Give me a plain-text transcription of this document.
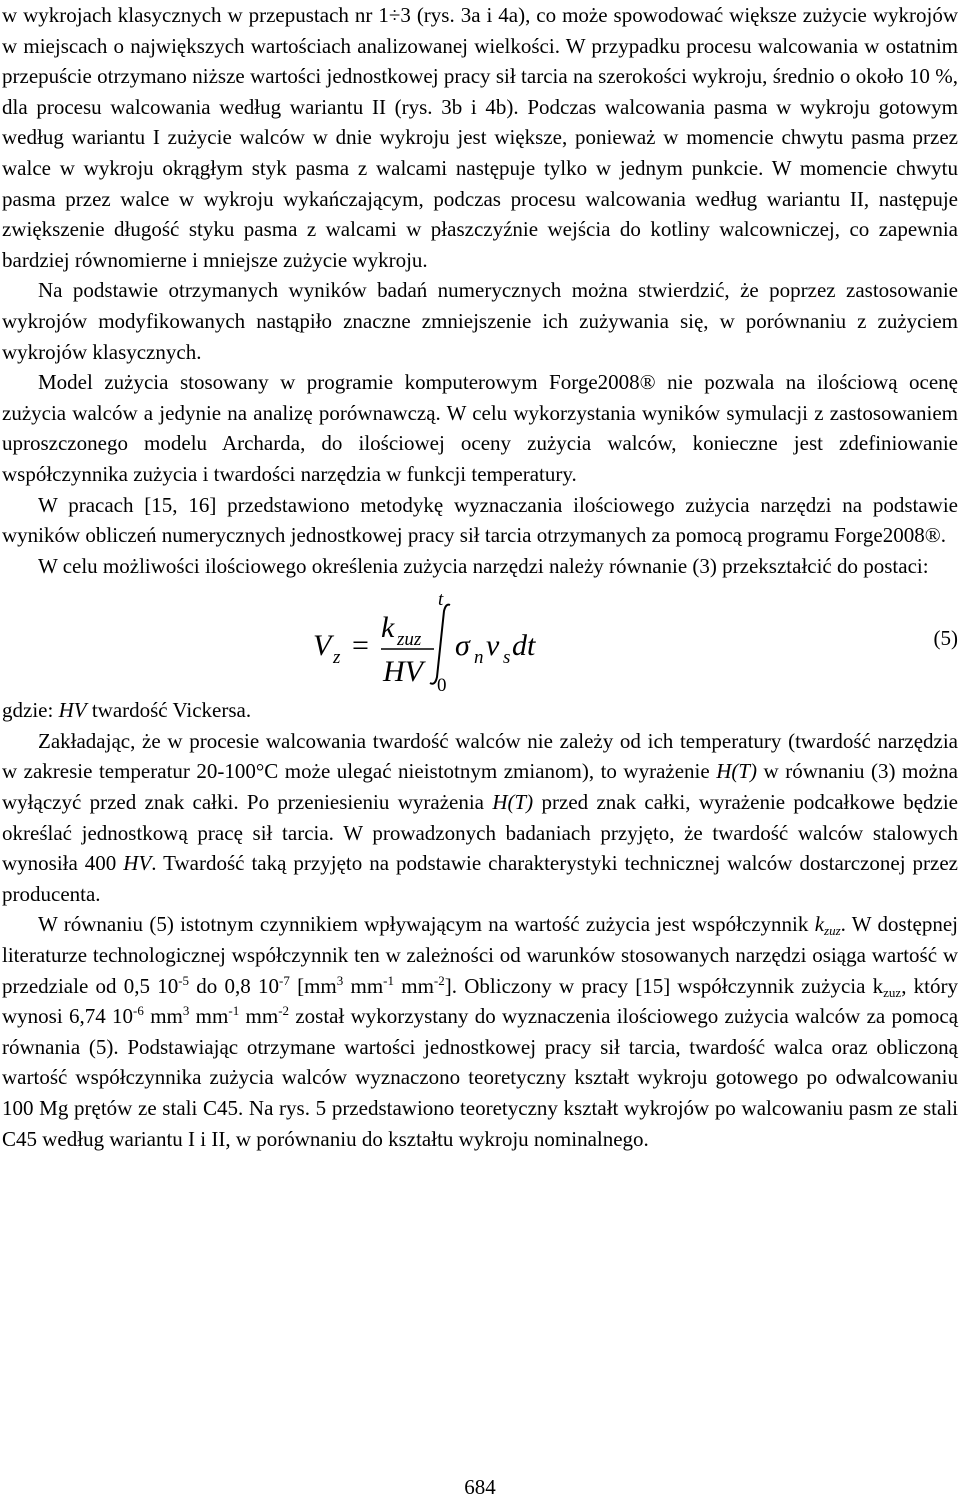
w wykrojach klasycznych w przepustach nr 1÷3 (rys. 3a i 4a), co może spowodować większe zużycie wykrojów w miejscach o największych wartościach analizowanej wielkości. W przypadku procesu walcowania w ostatnim przepuście otrzymano niższe wartości jednostkowej pracy sił tarcia na szerokości wykroju, średnio o około 10 %, dla procesu walcowania według wariantu II (rys. 3b i 4b). Podczas walcowania pasma w wykroju gotowym według wariantu I zużycie walców w dnie wykroju jest większe, ponieważ w momencie chwytu pasma przez walce w wykroju okrągłym styk pasma z walcami następuje tylko w jednym punkcie. W momencie chwytu pasma przez walce w wykroju wykańczającym, podczas procesu walcowania według wariantu II, następuje zwiększenie długość styku pasma z walcami w płaszczyźnie wejścia do kotliny walcowniczej, co zapewnia bardziej równomierne i mniejsze zużycie wykroju.

Na podstawie otrzymanych wyników badań numerycznych można stwierdzić, że poprzez zastosowanie wykrojów modyfikowanych nastąpiło znaczne zmniejszenie ich zużywania się, w porównaniu z zużyciem wykrojów klasycznych.

Model zużycia stosowany w programie komputerowym Forge2008® nie pozwala na ilościową ocenę zużycia walców a jedynie na analizę porównawczą. W celu wykorzystania wyników symulacji z zastosowaniem uproszczonego modelu Archarda, do ilościowej oceny zużycia walców, konieczne jest zdefiniowanie współczynnika zużycia i twardości narzędzia w funkcji temperatury.

W pracach [15, 16] przedstawiono metodykę wyznaczania ilościowego zużycia narzędzi na podstawie wyników obliczeń numerycznych jednostkowej pracy sił tarcia otrzymanych za pomocą programu Forge2008®.

W celu możliwości ilościowego określenia zużycia narzędzi należy równanie (3) przekształcić do postaci:

V z =
k zuz
HV
t
0
σ n ν s dt	(5)

gdzie: HV twardość Vickersa.

Zakładając, że w procesie walcowania twardość walców nie zależy od ich temperatury (twardość narzędzia w zakresie temperatur 20-100°C może ulegać nieistotnym zmianom), to wyrażenie H(T) w równaniu (3) można wyłączyć przed znak całki. Po przeniesieniu wyrażenia H(T) przed znak całki, wyrażenie podcałkowe będzie określać jednostkową pracę sił tarcia. W prowadzonych badaniach przyjęto, że twardość walców stalowych wynosiła 400 HV. Twardość taką przyjęto na podstawie charakterystyki technicznej walców dostarczonej przez producenta.

W równaniu (5) istotnym czynnikiem wpływającym na wartość zużycia jest współczynnik $k_{zuz}$. W dostępnej literaturze technologicznej współczynnik ten w zależności od warunków stosowanych narzędzi osiąga wartość w przedziale od 0,5 $10^{-5}$ do 0,8 $10^{-7}$ [$mm^3$ $mm^{-1}$ $mm^{-2}$]. Obliczony w pracy [15] współczynnik zużycia $k_{zuz}$, który wynosi 6,74 $10^{-6}$ $mm^3$ $mm^{-1}$ $mm^{-2}$ został wykorzystany do wyznaczenia ilościowego zużycia walców za pomocą równania (5). Podstawiając otrzymane wartości jednostkowej pracy sił tarcia, twardość walca oraz obliczoną wartość współczynnika zużycia walców wyznaczono teoretyczny kształt wykroju gotowego po odwalcowaniu 100 Mg prętów ze stali C45. Na rys. 5 przedstawiono teoretyczny kształt wykrojów po walcowaniu pasm ze stali C45 według wariantu I i II, w porównaniu do kształtu wykroju nominalnego.

684
